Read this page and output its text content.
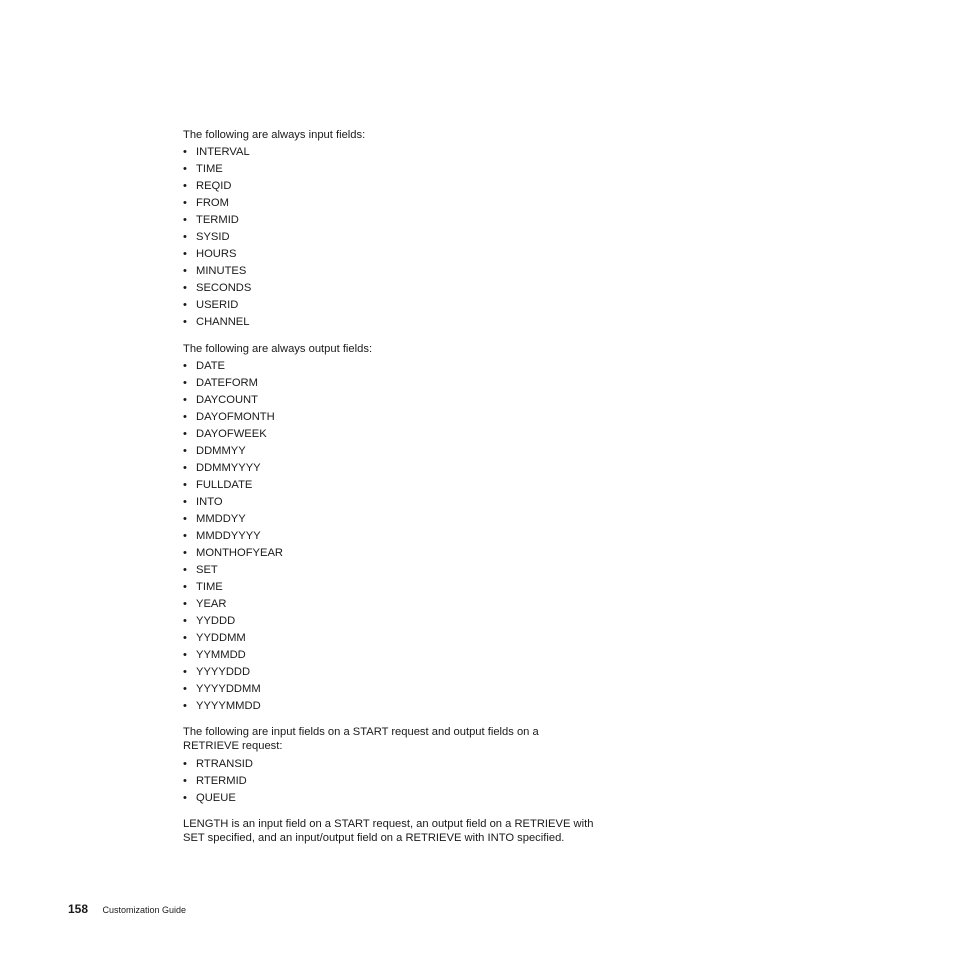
The following are always input fields:

• INTERVAL
• TIME
• REQID
• FROM
• TERMID
• SYSID
• HOURS
• MINUTES
• SECONDS
• USERID
• CHANNEL

The following are always output fields:

• DATE
• DATEFORM
• DAYCOUNT
• DAYOFMONTH
• DAYOFWEEK
• DDMMYY
• DDMMYYYY
• FULLDATE
• INTO
• MMDDYY
• MMDDYYYY
• MONTHOFYEAR
• SET
• TIME
• YEAR
• YYDDD
• YYDDMM
• YYMMDD
• YYYYDDD
• YYYYDDMM
• YYYYMMDD

The following are input fields on a START request and output fields on a
RETRIEVE request:

• RTRANSID
• RTERMID
• QUEUE

LENGTH is an input field on a START request, an output field on a RETRIEVE with
SET specified, and an input/output field on a RETRIEVE with INTO specified.

158 Customization Guide
